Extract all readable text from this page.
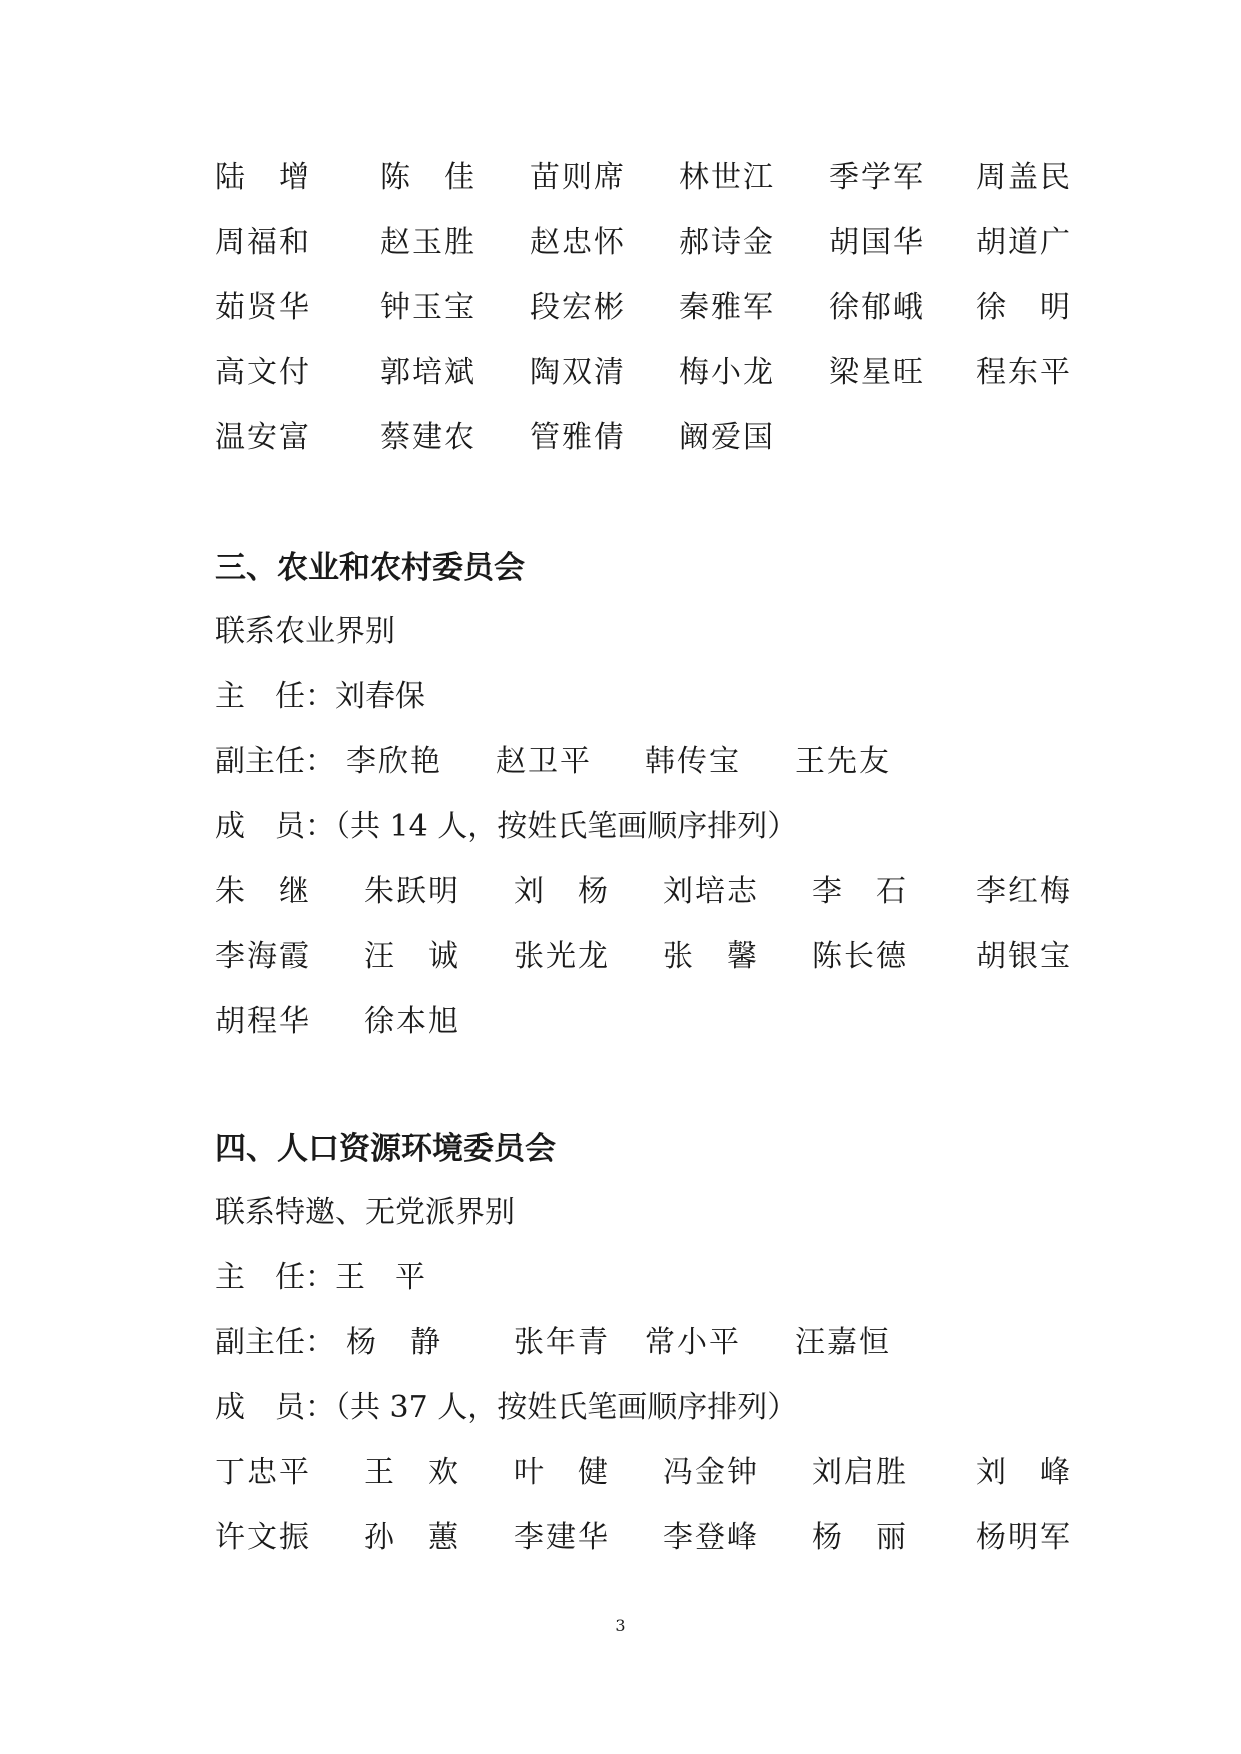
陆　增 陈　佳 苗则席 林世江 季学军 周盖民
周福和 赵玉胜 赵忠怀 郝诗金 胡国华 胡道广
茹贤华 钟玉宝 段宏彬 秦雅军 徐郁峨 徐　明
高文付 郭培斌 陶双清 梅小龙 梁星旺 程东平
温安富 蔡建农 管雅倩 阚爱国
三、农业和农村委员会
联系农业界别
主　任：刘春保
副主任： 李欣艳 赵卫平 韩传宝 王先友
成　员：（共 14 人，按姓氏笔画顺序排列）
朱　继 朱跃明 刘　杨 刘培志 李　石 李红梅
李海霞 汪　诚 张光龙 张　馨 陈长德 胡银宝
胡程华 徐本旭
四、人口资源环境委员会
联系特邀、无党派界别
主　任：王　平
副主任： 杨　静 张年青 常小平 汪嘉恒
成　员：（共 37 人，按姓氏笔画顺序排列）
丁忠平 王　欢 叶　健 冯金钟 刘启胜 刘　峰
许文振 孙　蕙 李建华 李登峰 杨　丽 杨明军
3
